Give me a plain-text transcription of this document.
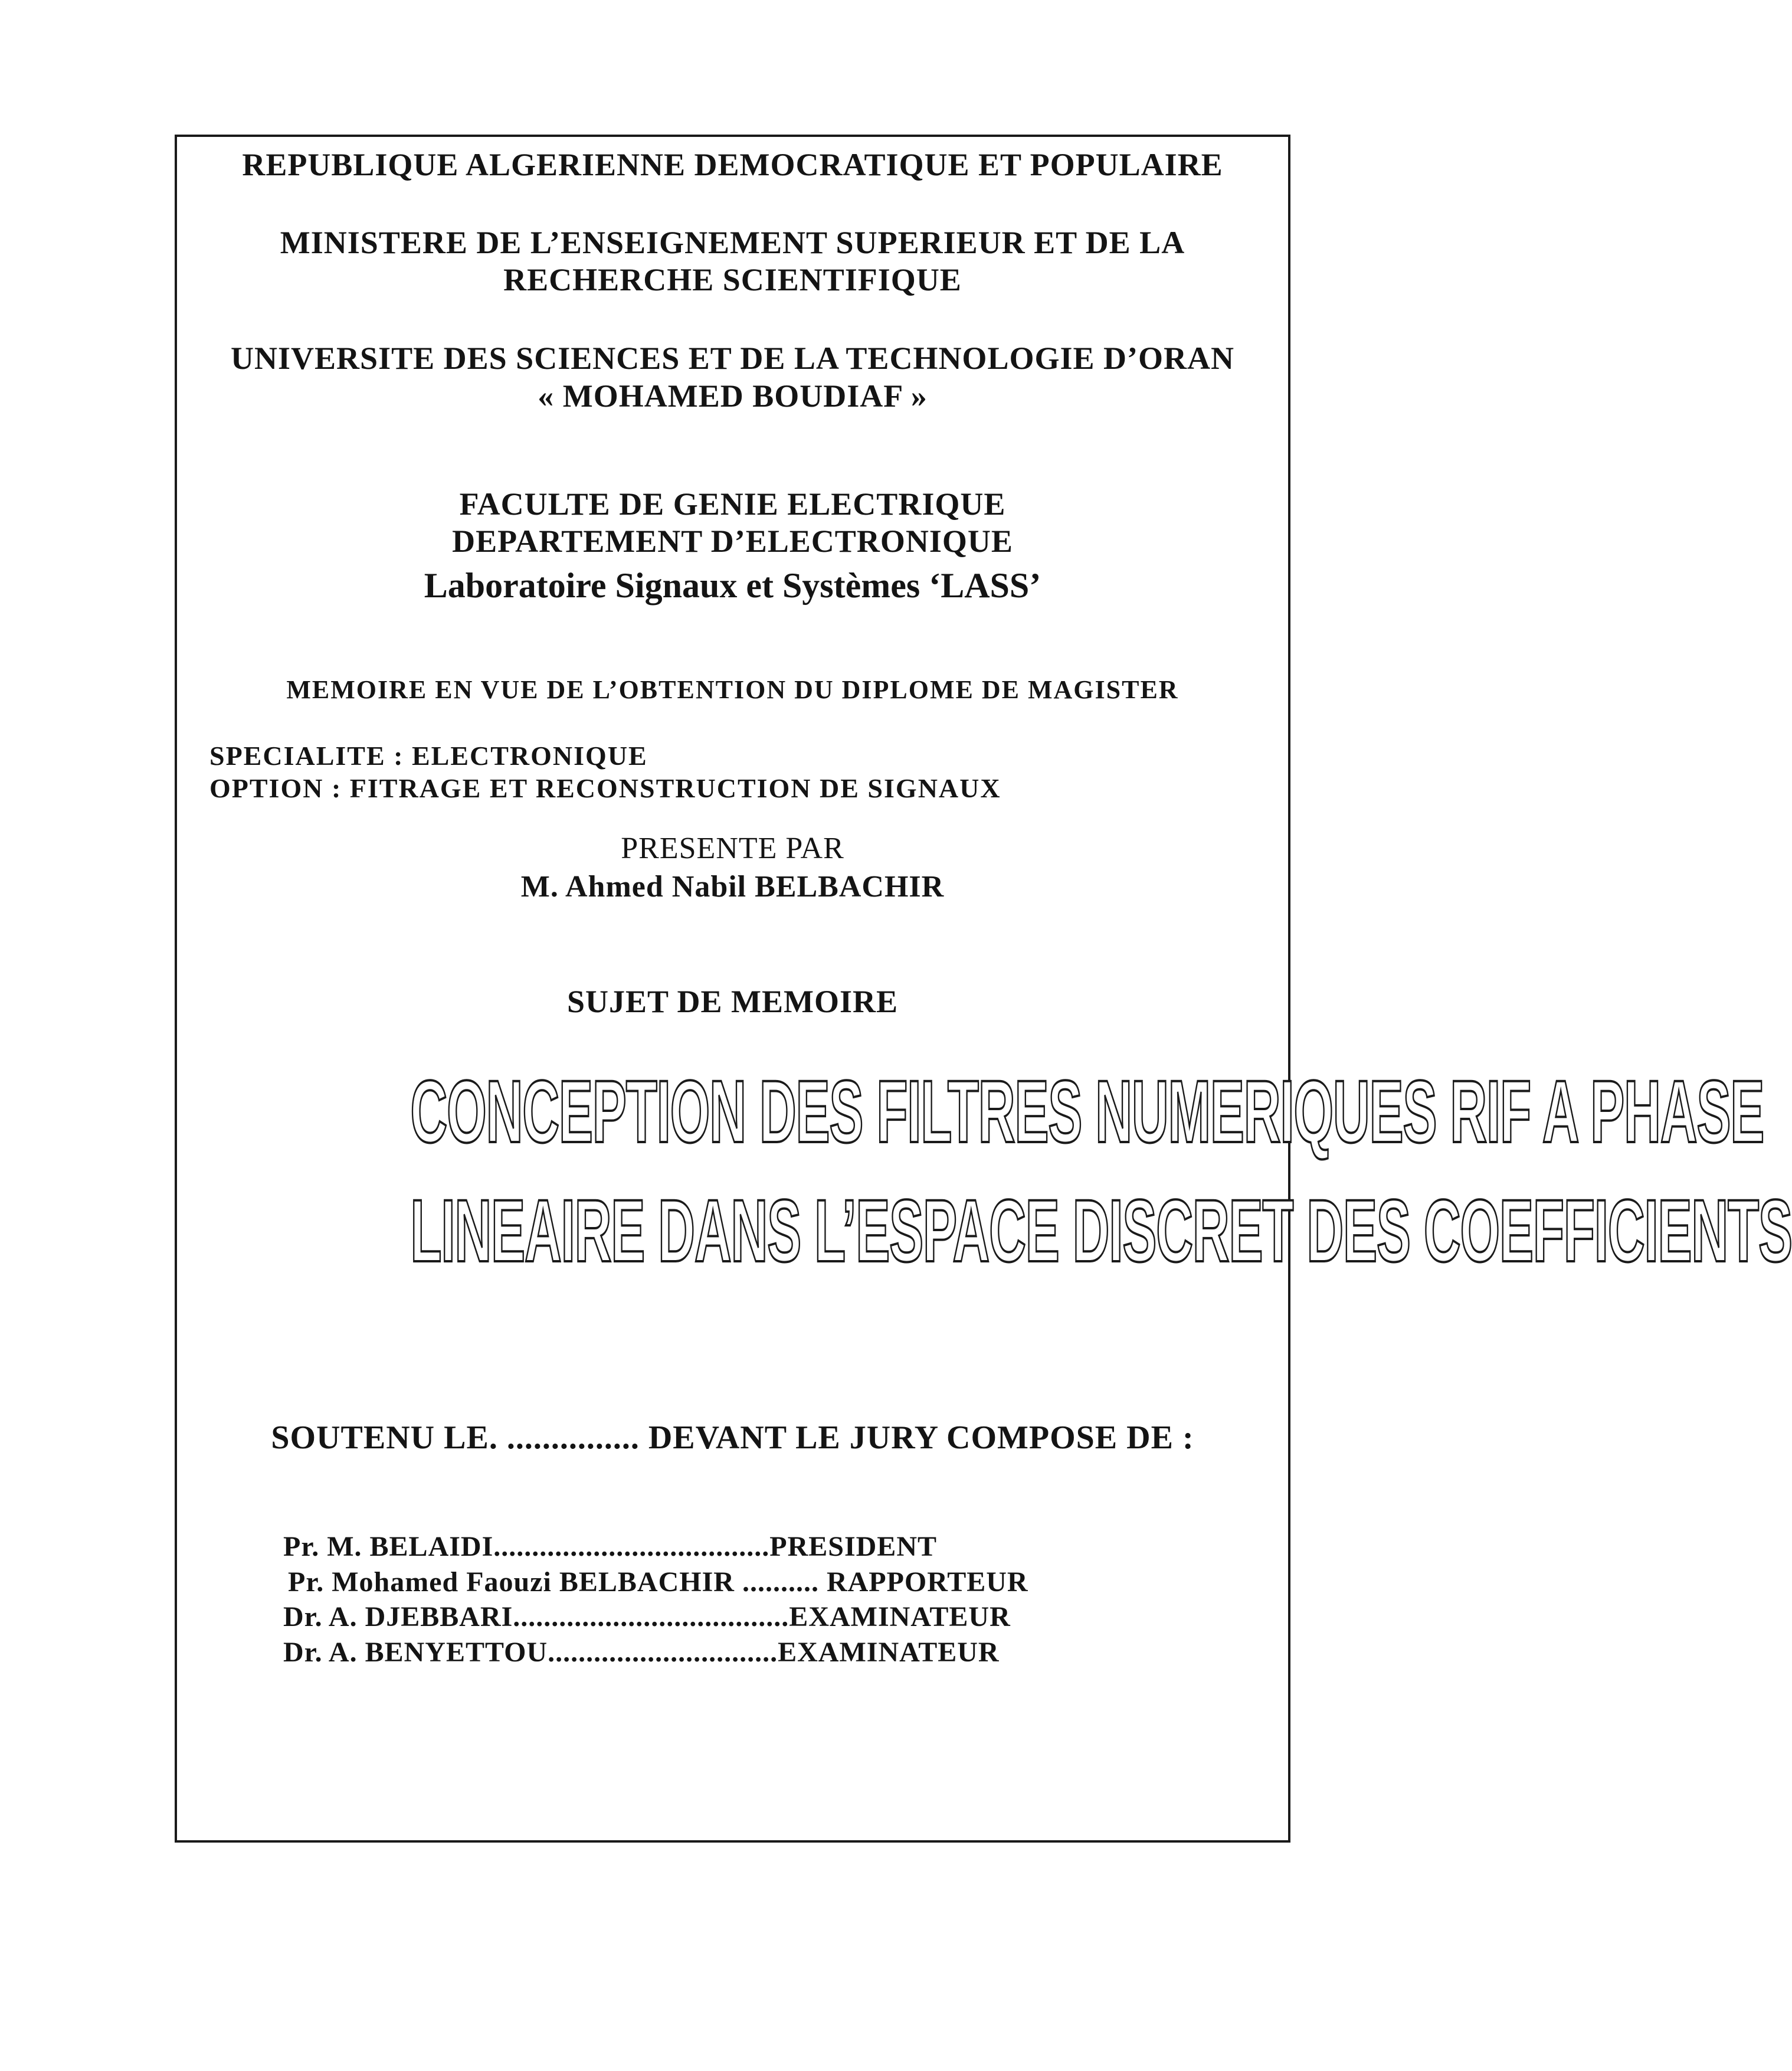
REPUBLIQUE ALGERIENNE DEMOCRATIQUE ET POPULAIRE
MINISTERE DE L’ENSEIGNEMENT SUPERIEUR ET DE LA
RECHERCHE SCIENTIFIQUE
UNIVERSITE DES SCIENCES ET DE LA TECHNOLOGIE D’ORAN
« MOHAMED BOUDIAF »
FACULTE DE GENIE ELECTRIQUE
DEPARTEMENT D’ELECTRONIQUE
Laboratoire Signaux et Systèmes ‘LASS’
MEMOIRE EN VUE DE L’OBTENTION DU DIPLOME DE MAGISTER
SPECIALITE : ELECTRONIQUE
OPTION : FITRAGE ET RECONSTRUCTION DE SIGNAUX
PRESENTE PAR
M. Ahmed Nabil BELBACHIR
SUJET DE MEMOIRE
CONCEPTION DES FILTRES NUMERIQUES RIF A PHASE
LINEAIRE DANS L’ESPACE DISCRET DES COEFFICIENTS
SOUTENU LE. ............... DEVANT LE JURY COMPOSE DE :
Pr. M. BELAIDI....................................PRESIDENT
Pr. Mohamed Faouzi BELBACHIR .......... RAPPORTEUR
Dr. A. DJEBBARI....................................EXAMINATEUR
Dr. A. BENYETTOU..............................EXAMINATEUR
